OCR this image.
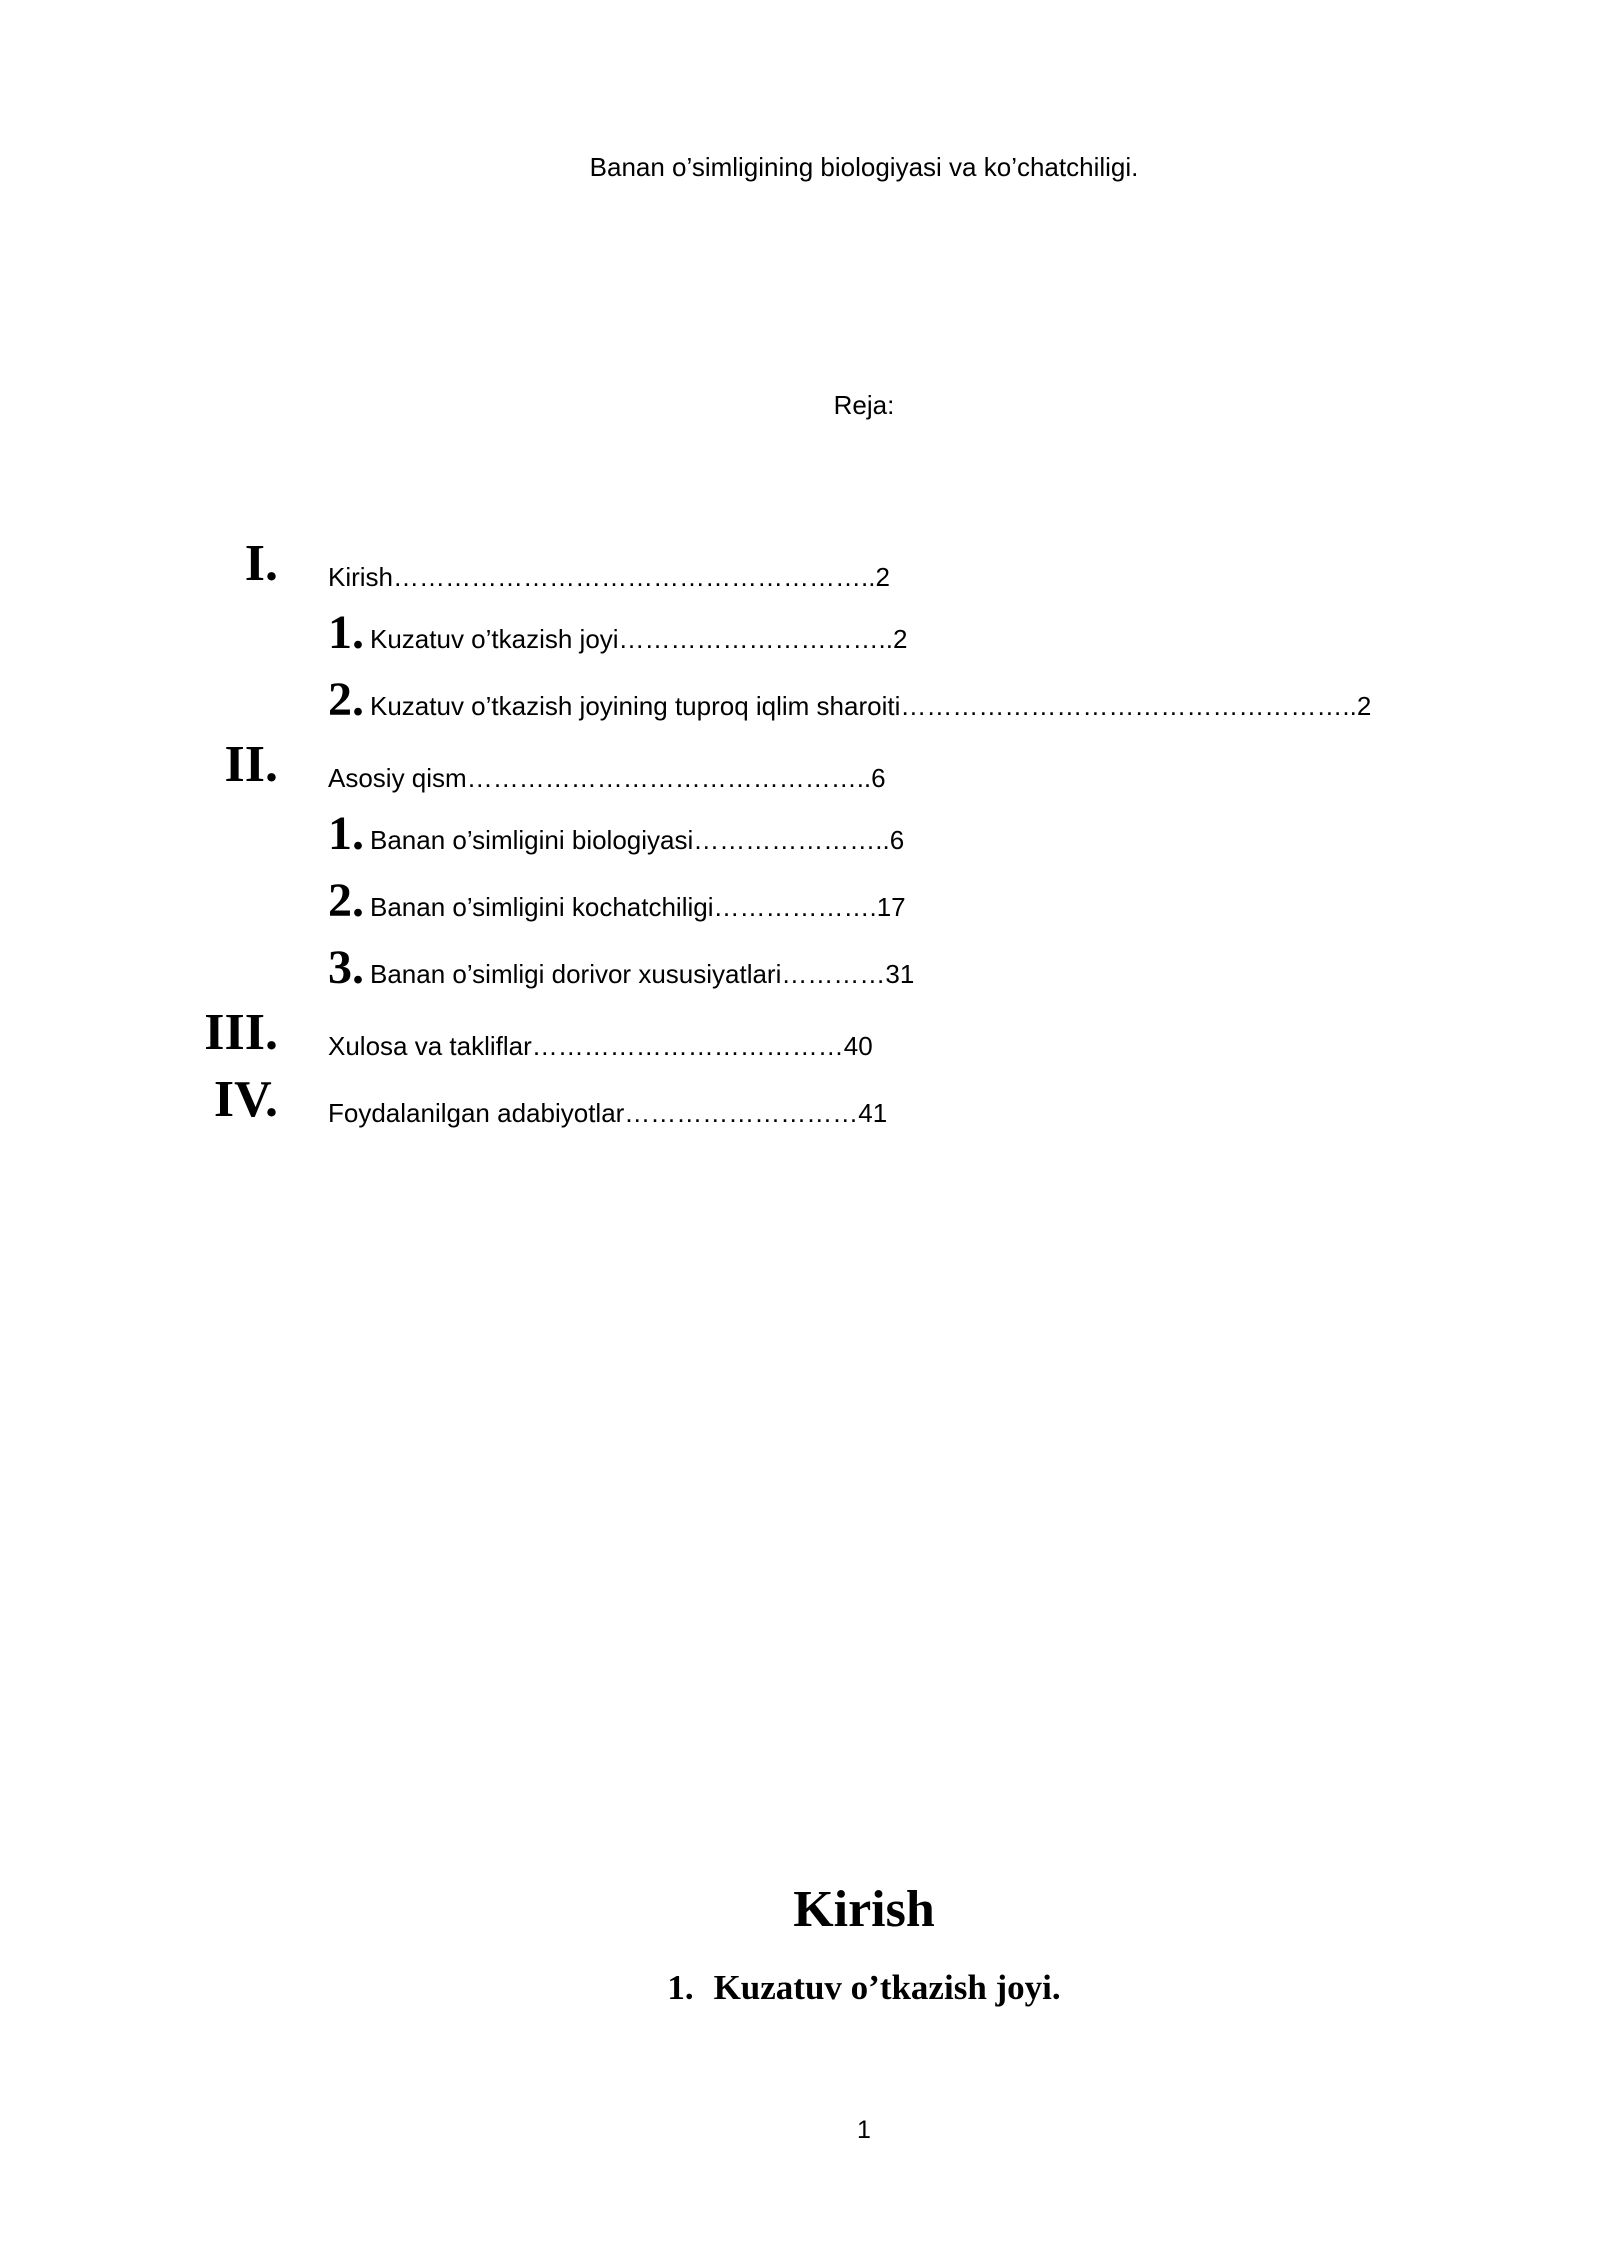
Banan o’simligining biologiyasi va ko’chatchiligi.
Reja:
I. Kirish………………………………………………..2
1. Kuzatuv o’tkazish joyi…………………………..2
2. Kuzatuv o’tkazish joyining tuproq iqlim sharoiti……………………………………………..2
II. Asosiy qism………………………………………..6
1. Banan o’simligini biologiyasi…………………..6
2. Banan o’simligini kochatchiligi……………….17
3. Banan o’simligi dorivor xususiyatlari…………31
III. Xulosa va takliflar………………………………40
IV. Foydalanilgan adabiyotlar………………………41
Kirish
1. Kuzatuv o’tkazish joyi.
1
